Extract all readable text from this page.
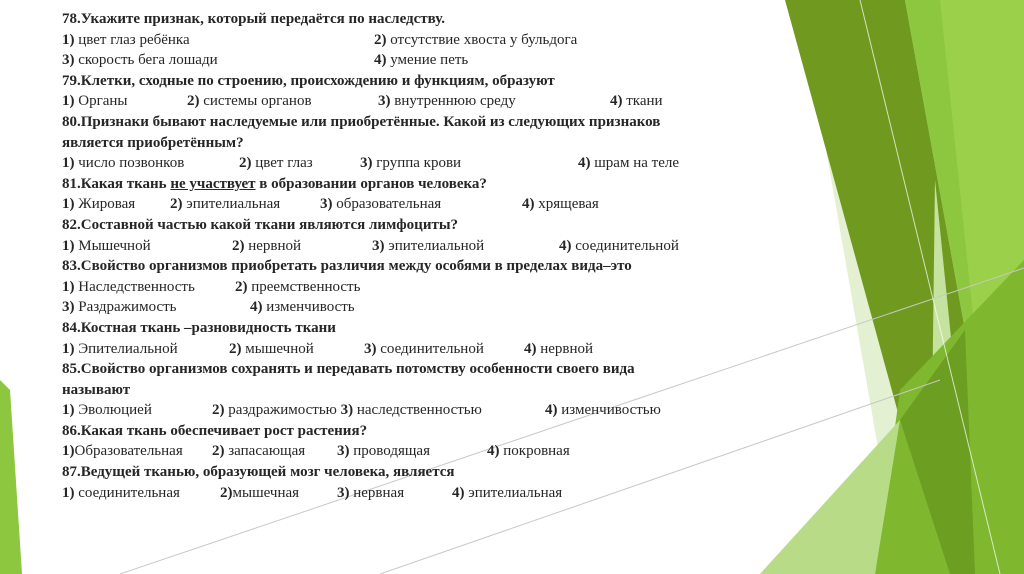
78.Укажите признак, который передаётся по наследству.
1) цвет глаз ребёнка	2) отсутствие хвоста у бульдога
3) скорость бега лошади	4) умение петь
79.Клетки, сходные по строению, происхождению и функциям, образуют
1) Органы	2) системы органов	3) внутреннюю среду	4) ткани
80.Признаки бывают наследуемые или приобретённые. Какой из следующих признаков
является приобретённым?
1) число позвонков	2) цвет глаз	3) группа крови	4) шрам на теле
81.Какая ткань не участвует в образовании органов человека?
1) Жировая 2) эпителиальная	3) образовательная	4) хрящевая
82.Составной частью какой ткани являются лимфоциты?
1) Мышечной	2) нервной	3) эпителиальной	4) соединительной
83.Свойство организмов приобретать различия между особями в пределах вида–это
1) Наследственность	2) преемственность
3) Раздражимость	4) изменчивость
84.Костная ткань –разновидность ткани
1) Эпителиальной	2) мышечной	3) соединительной	4) нервной
85.Свойство организмов сохранять и передавать потомству особенности своего вида
называют
1) Эволюцией	2) раздражимостью 3) наследственностью	4) изменчивостью
86.Какая ткань обеспечивает рост растения?
1)Образовательная 2) запасающая 3) проводящая	4) покровная
87.Ведущей тканью, образующей мозг человека, является
1) соединительная	2)мышечная	3) нервная	4) эпителиальная
